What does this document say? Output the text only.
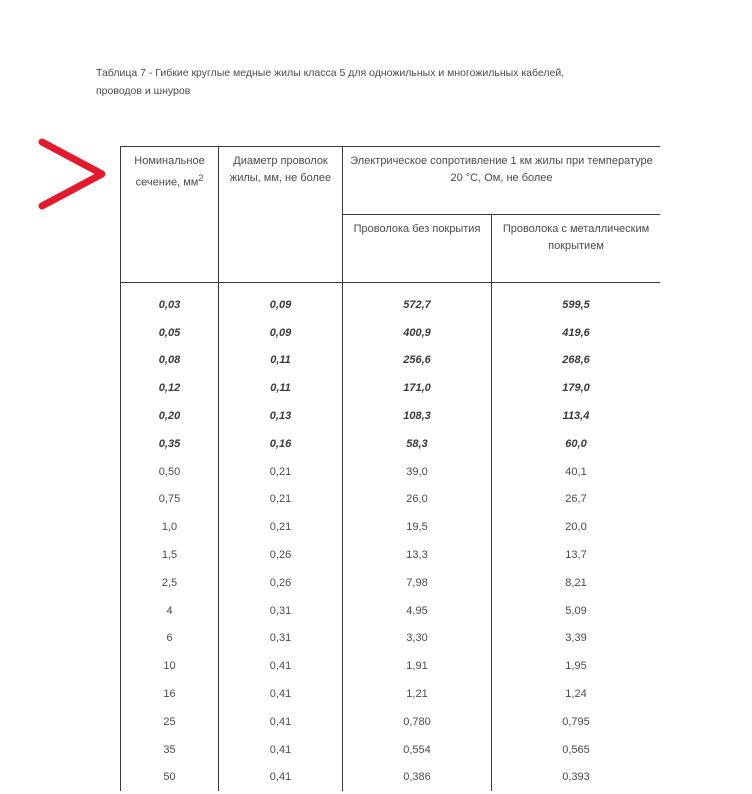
Таблица 7 - Гибкие круглые медные жилы класса 5 для одножильных и многожильных кабелей,
проводов и шнуров
Номинальное сечение, $мм^2$	Диаметр проволок жилы, мм, не более	Электрическое сопротивление 1 км жилы при температуре 20 °С, Ом, не более	
		Проволока без покрытия	Проволока с металлическим покрытием
0,03	0,09	572,7	599,5
0,05	0,09	400,9	419,6
0,08	0,11	256,6	268,6
0,12	0,11	171,0	179,0
0,20	0,13	108,3	113,4
0,35	0,16	58,3	60,0
0,50	0,21	39,0	40,1
0,75	0,21	26,0	26,7
1,0	0,21	19,5	20,0
1,5	0,26	13,3	13,7
2,5	0,26	7,98	8,21
4	0,31	4,95	5,09
6	0,31	3,30	3,39
10	0,41	1,91	1,95
16	0,41	1,21	1,24
25	0,41	0,780	0,795
35	0,41	0,554	0,565
50	0,41	0,386	0,393
